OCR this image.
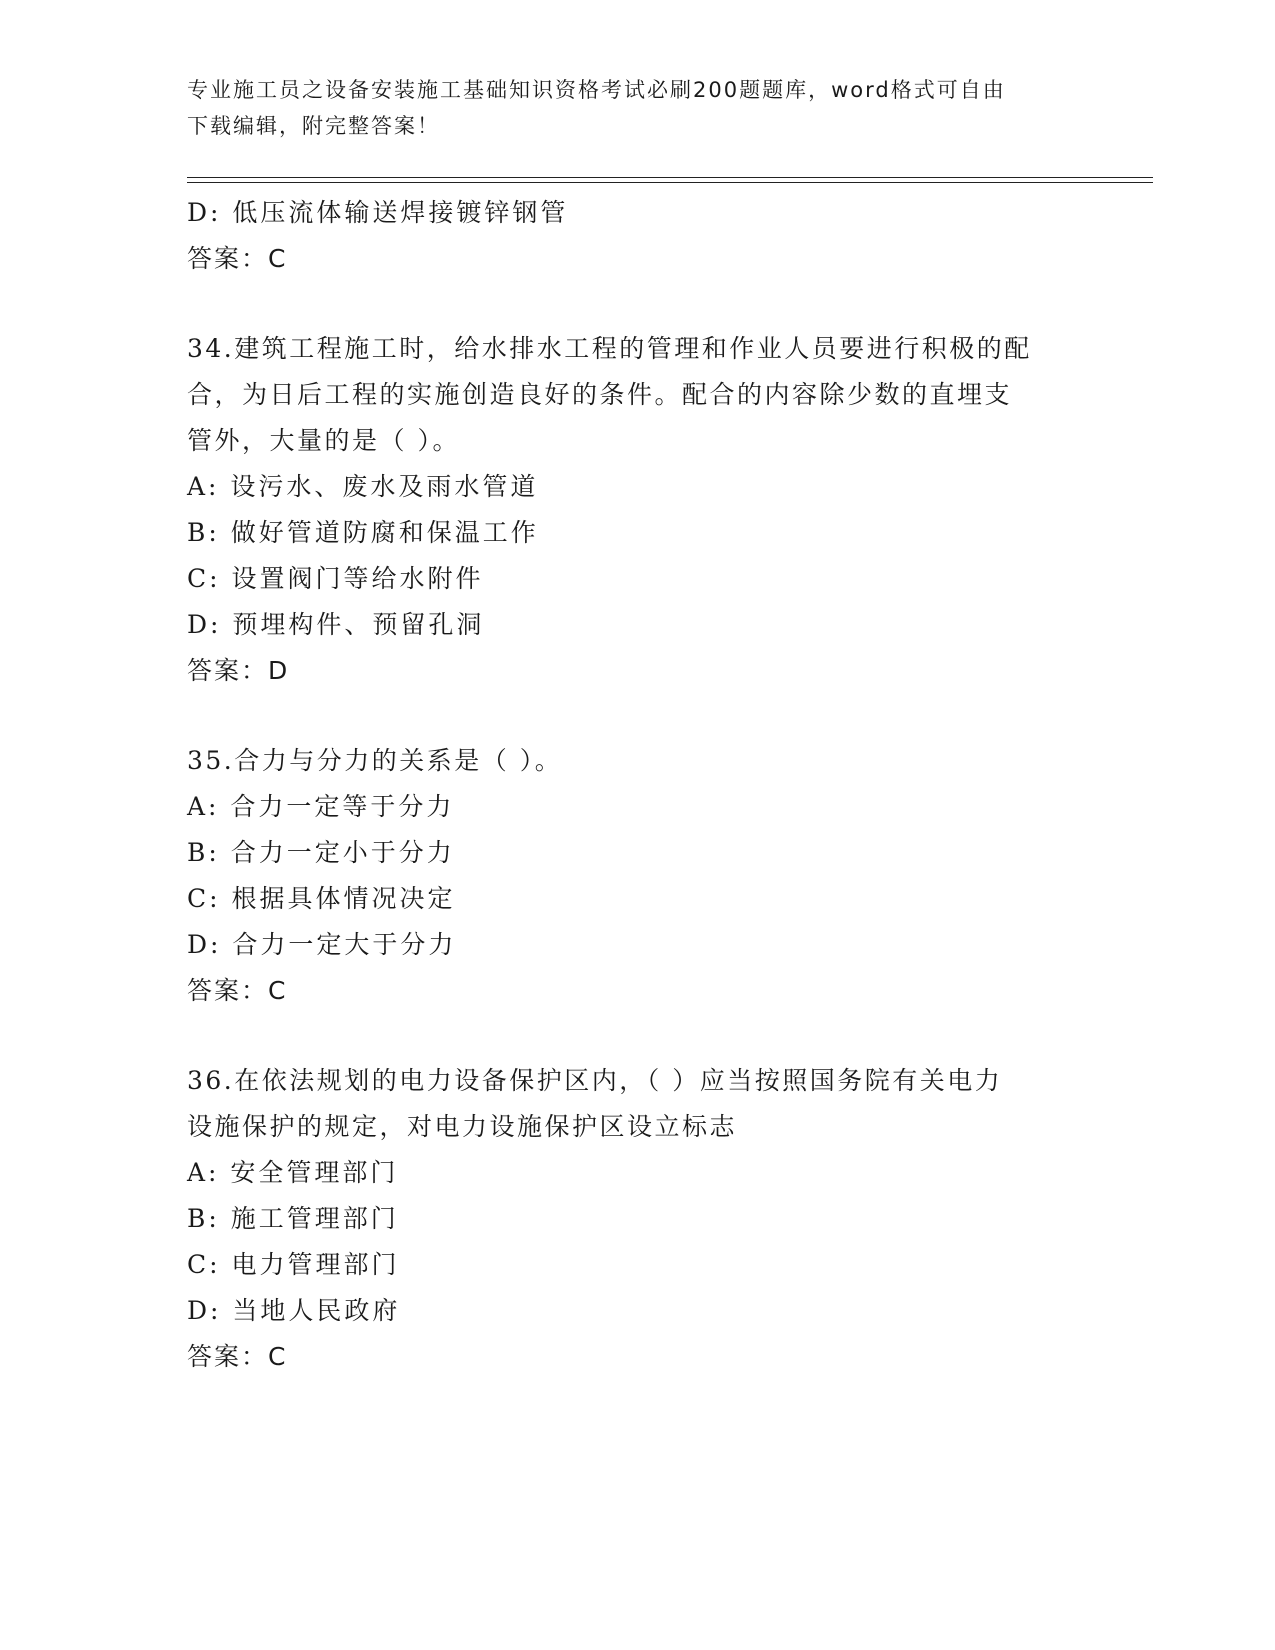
专业施工员之设备安装施工基础知识资格考试必刷200题题库，word格式可自由
下载编辑，附完整答案！
D: 低压流体输送焊接镀锌钢管
答案：C
34.建筑工程施工时，给水排水工程的管理和作业人员要进行积极的配
合，为日后工程的实施创造良好的条件。配合的内容除少数的直埋支
管外，大量的是（ ）。
A: 设污水、废水及雨水管道
B: 做好管道防腐和保温工作
C: 设置阀门等给水附件
D: 预埋构件、预留孔洞
答案：D
35.合力与分力的关系是（ ）。
A: 合力一定等于分力
B: 合力一定小于分力
C: 根据具体情况决定
D: 合力一定大于分力
答案：C
36.在依法规划的电力设备保护区内，（ ）应当按照国务院有关电力
设施保护的规定，对电力设施保护区设立标志
A: 安全管理部门
B: 施工管理部门
C: 电力管理部门
D: 当地人民政府
答案：C
